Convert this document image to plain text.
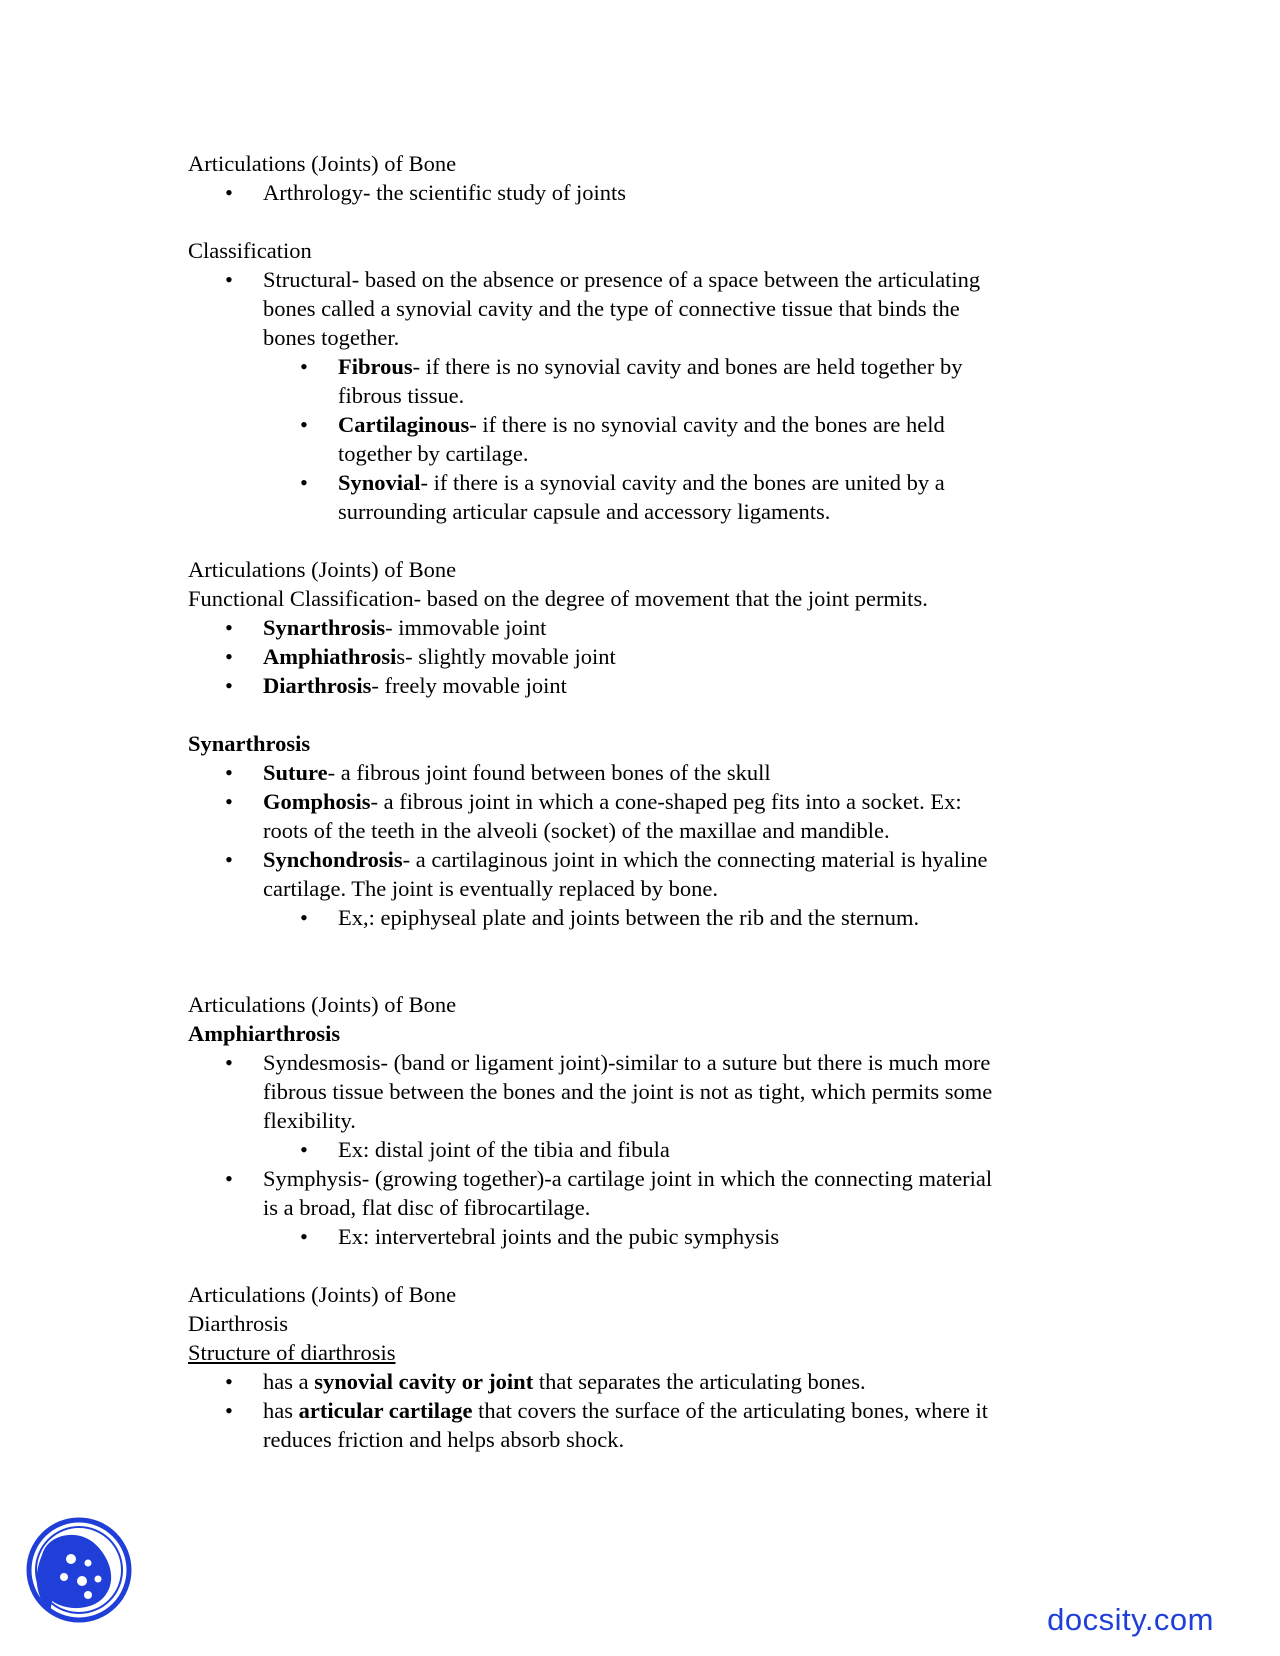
Articulations (Joints) of Bone
• Arthrology- the scientific study of joints
Classification
• Structural- based on the absence or presence of a space between the articulating
bones called a synovial cavity and the type of connective tissue that binds the
bones together.
• Fibrous- if there is no synovial cavity and bones are held together by
fibrous tissue.
• Cartilaginous- if there is no synovial cavity and the bones are held
together by cartilage.
• Synovial- if there is a synovial cavity and the bones are united by a
surrounding articular capsule and accessory ligaments.
Articulations (Joints) of Bone
Functional Classification- based on the degree of movement that the joint permits.
• Synarthrosis- immovable joint
• Amphiathrosis- slightly movable joint
• Diarthrosis- freely movable joint
Synarthrosis
• Suture- a fibrous joint found between bones of the skull
• Gomphosis- a fibrous joint in which a cone-shaped peg fits into a socket. Ex:
roots of the teeth in the alveoli (socket) of the maxillae and mandible.
• Synchondrosis- a cartilaginous joint in which the connecting material is hyaline
cartilage. The joint is eventually replaced by bone.
• Ex,: epiphyseal plate and joints between the rib and the sternum.
Articulations (Joints) of Bone
Amphiarthrosis
• Syndesmosis- (band or ligament joint)-similar to a suture but there is much more
fibrous tissue between the bones and the joint is not as tight, which permits some
flexibility.
• Ex: distal joint of the tibia and fibula
• Symphysis- (growing together)-a cartilage joint in which the connecting material
is a broad, flat disc of fibrocartilage.
• Ex: intervertebral joints and the pubic symphysis
Articulations (Joints) of Bone
Diarthrosis
Structure of diarthrosis
• has a synovial cavity or joint that separates the articulating bones.
• has articular cartilage that covers the surface of the articulating bones, where it
reduces friction and helps absorb shock.
docsity.com
